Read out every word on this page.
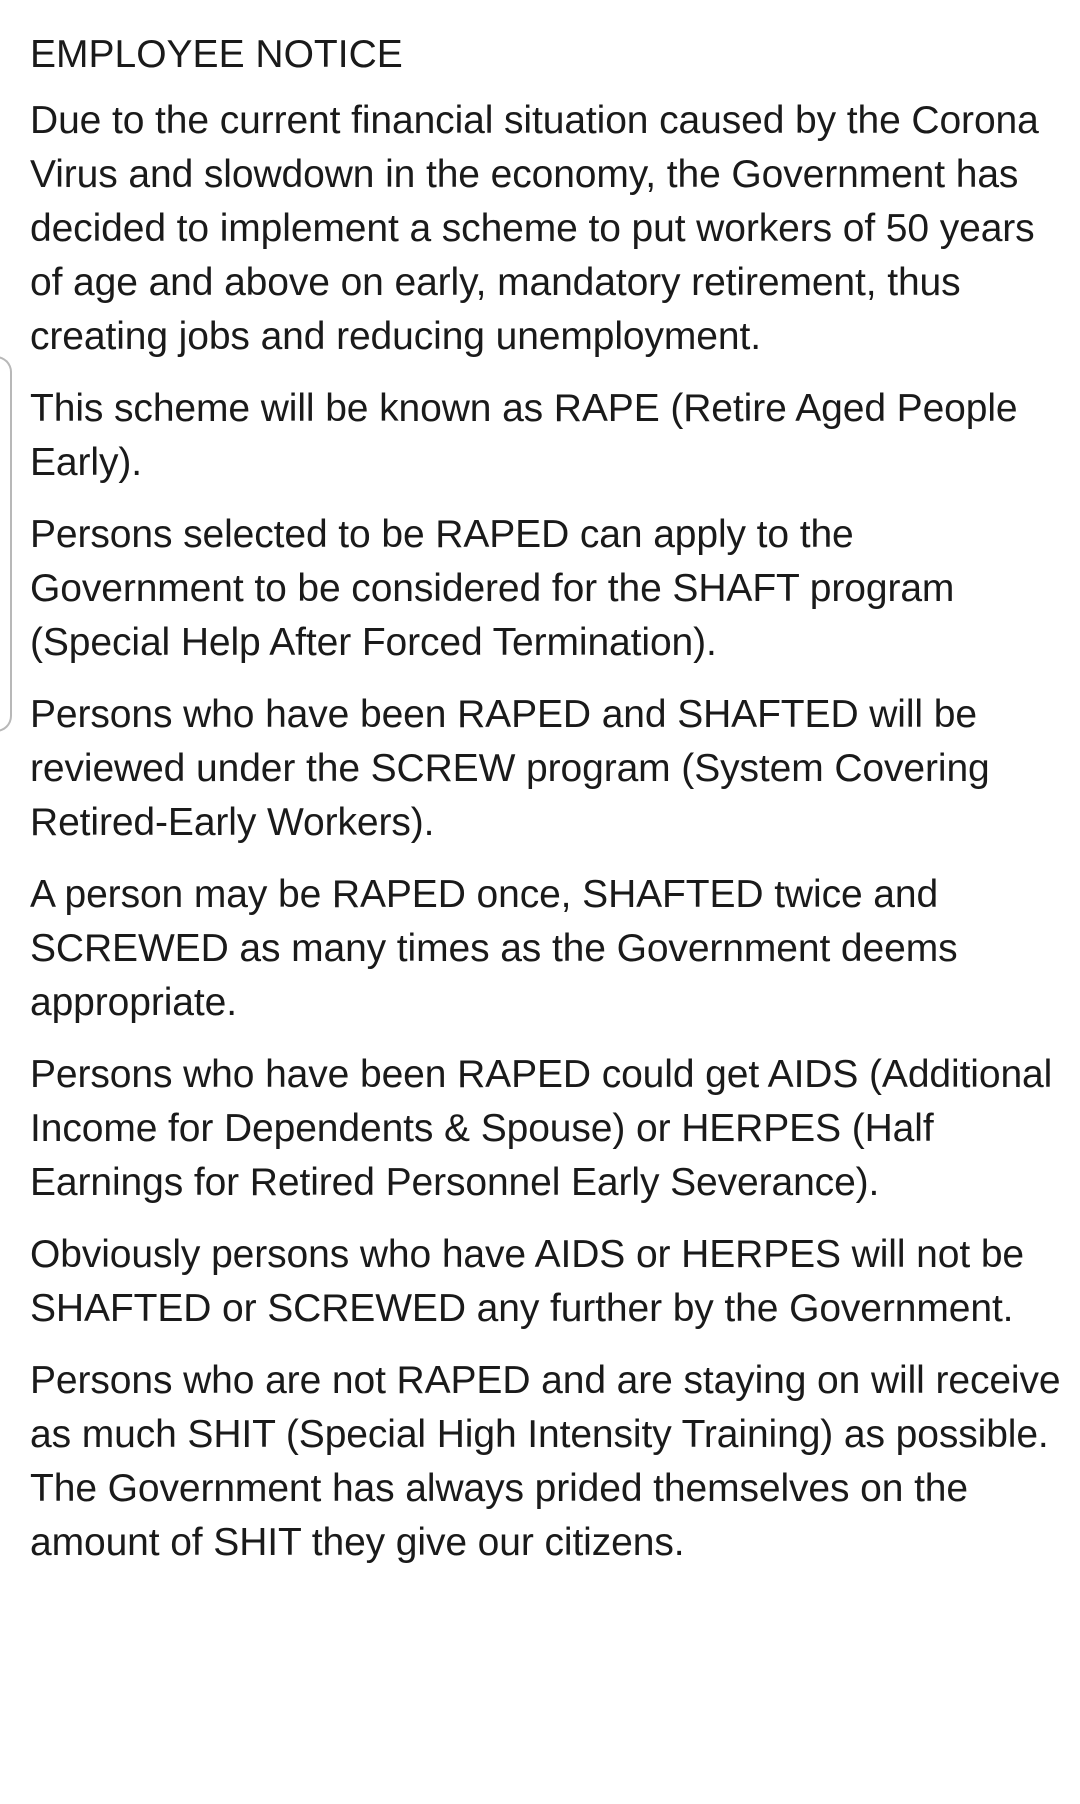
EMPLOYEE NOTICE

Due to the current financial situation caused by the Corona Virus and slowdown in the economy, the Government has decided to implement a scheme to put workers of 50 years of age and above on early, mandatory retirement, thus creating jobs and reducing unemployment.

This scheme will be known as RAPE (Retire Aged People Early).

Persons selected to be RAPED can apply to the Government to be considered for the SHAFT program (Special Help After Forced Termination).

Persons who have been RAPED and SHAFTED will be reviewed under the SCREW program (System Covering Retired-Early Workers).

A person may be RAPED once, SHAFTED twice and SCREWED as many times as the Government deems appropriate.

Persons who have been RAPED could get AIDS (Additional Income for Dependents & Spouse) or HERPES (Half Earnings for Retired Personnel Early Severance).

Obviously persons who have AIDS or HERPES will not be SHAFTED or SCREWED any further by the Government.

Persons who are not RAPED and are staying on will receive as much SHIT (Special High Intensity Training) as possible. The Government has always prided themselves on the amount of SHIT they give our citizens.
